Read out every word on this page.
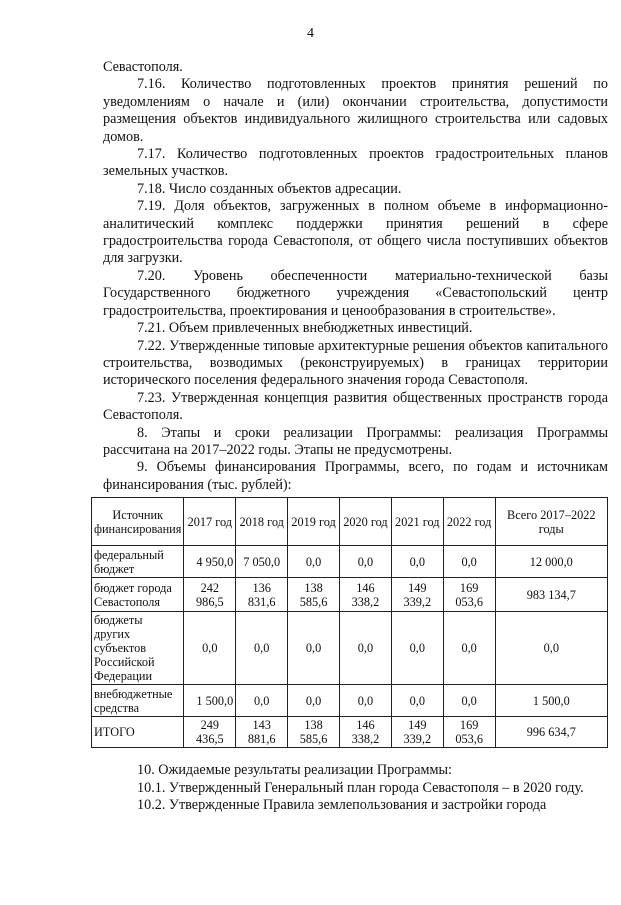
4

Севастополя.

7.16. Количество подготовленных проектов принятия решений по уведомлениям о начале и (или) окончании строительства, допустимости размещения объектов индивидуального жилищного строительства или садовых домов.

7.17. Количество подготовленных проектов градостроительных планов земельных участков.

7.18. Число созданных объектов адресации.

7.19. Доля объектов, загруженных в полном объеме в информационно-аналитический комплекс поддержки принятия решений в сфере градостроительства города Севастополя, от общего числа поступивших объектов для загрузки.

7.20. Уровень обеспеченности материально-технической базы Государственного бюджетного учреждения «Севастопольский центр градостроительства, проектирования и ценообразования в строительстве».

7.21. Объем привлеченных внебюджетных инвестиций.

7.22. Утвержденные типовые архитектурные решения объектов капитального строительства, возводимых (реконструируемых) в границах территории исторического поселения федерального значения города Севастополя.

7.23. Утвержденная концепция развития общественных пространств города Севастополя.

8. Этапы и сроки реализации Программы: реализация Программы рассчитана на 2017–2022 годы. Этапы не предусмотрены.

9. Объемы финансирования Программы, всего, по годам и источникам финансирования (тыс. рублей):

Источник финансирования	2017 год	2018 год	2019 год	2020 год	2021 год	2022 год	Всего 2017–2022 годы
федеральный бюджет	4 950,0	7 050,0	0,0	0,0	0,0	0,0	12 000,0
бюджет города Севастополя	242 986,5	136 831,6	138 585,6	146 338,2	149 339,2	169 053,6	983 134,7
бюджеты других субъектов Российской Федерации	0,0	0,0	0,0	0,0	0,0	0,0	0,0
внебюджетные средства	1 500,0	0,0	0,0	0,0	0,0	0,0	1 500,0
ИТОГО	249 436,5	143 881,6	138 585,6	146 338,2	149 339,2	169 053,6	996 634,7

10. Ожидаемые результаты реализации Программы:

10.1. Утвержденный Генеральный план города Севастополя – в 2020 году.

10.2. Утвержденные Правила землепользования и застройки города
